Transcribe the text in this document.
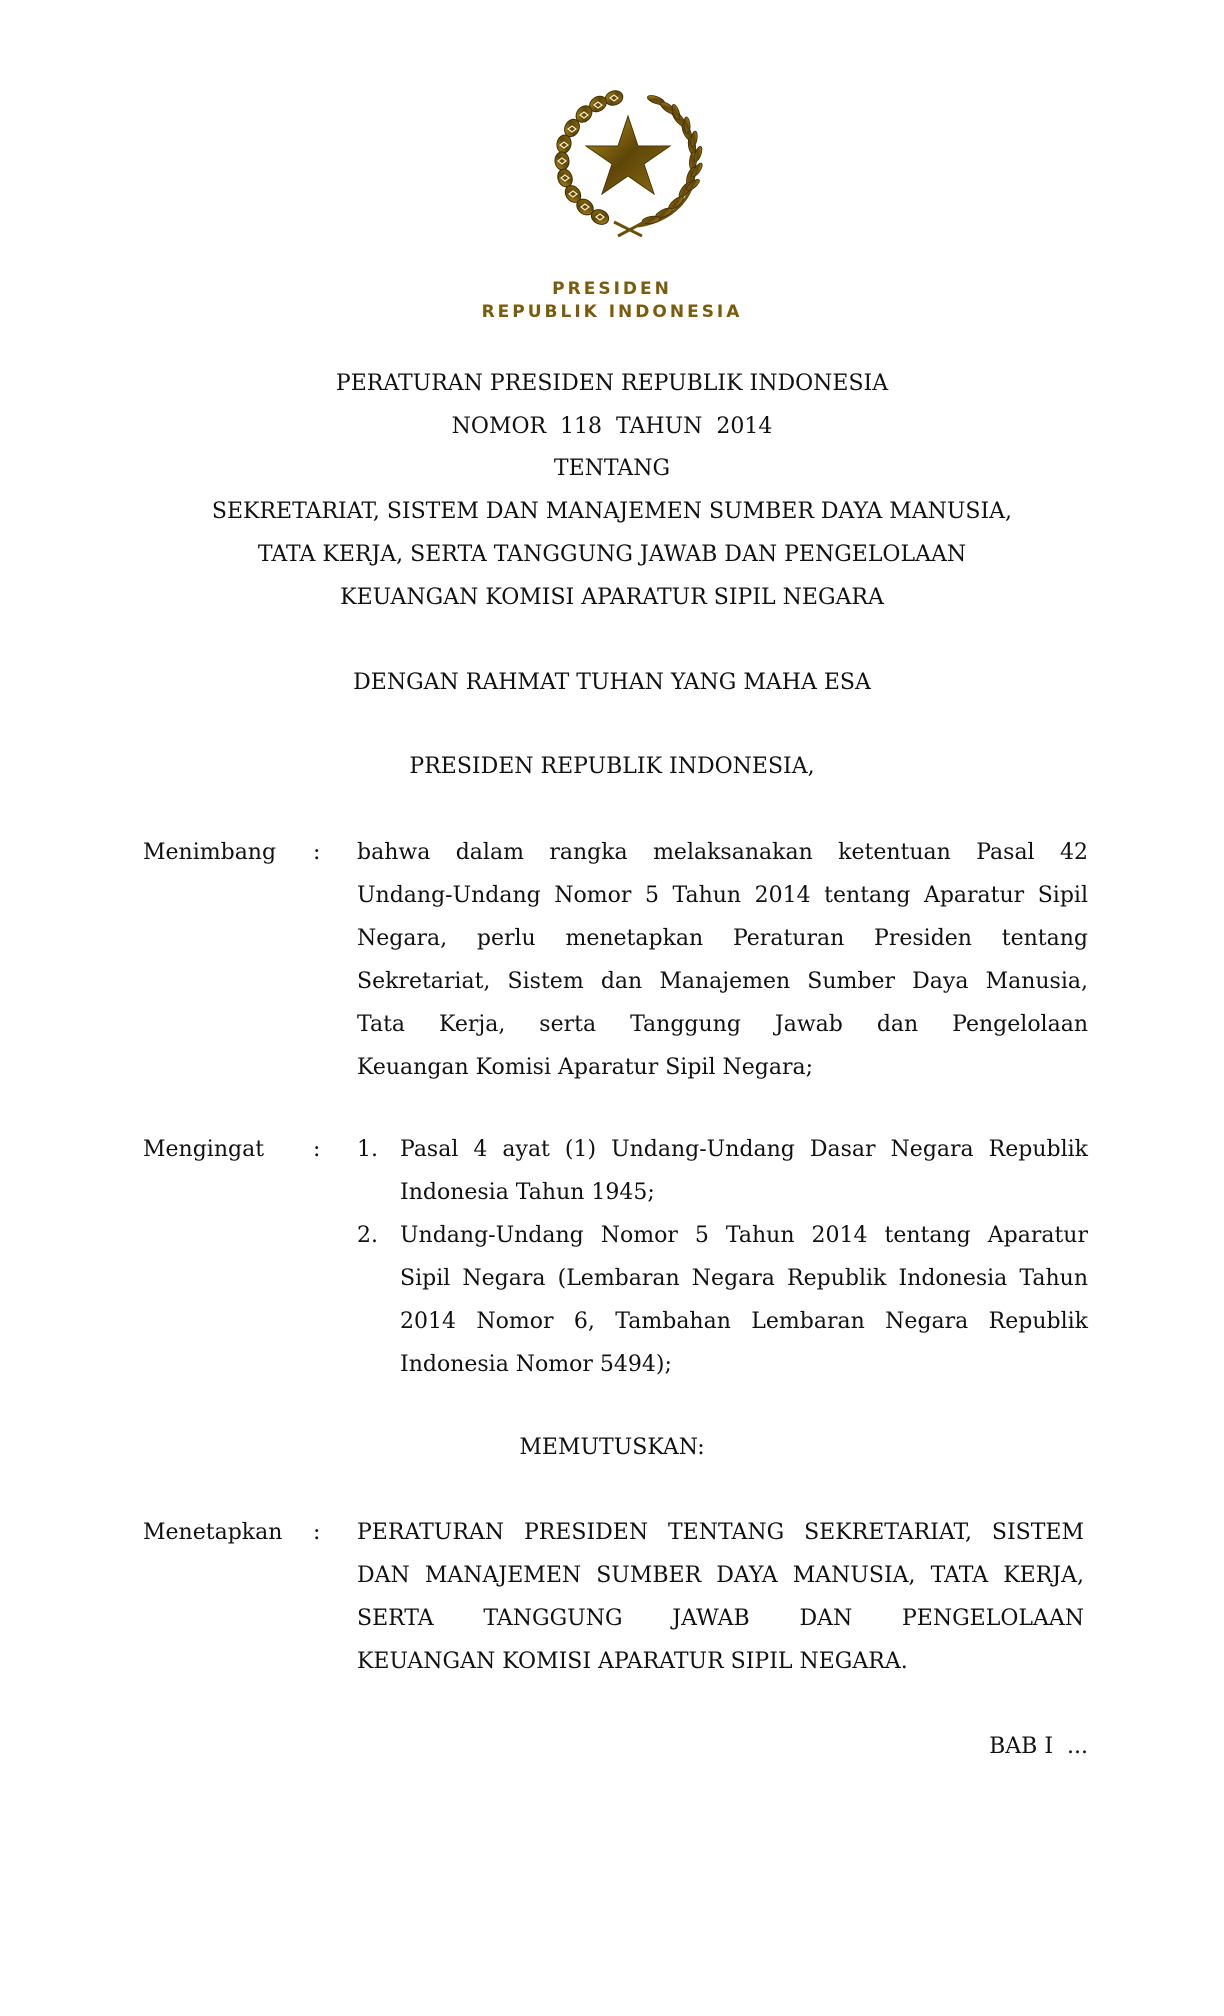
PRESIDEN
REPUBLIK INDONESIA
PERATURAN PRESIDEN REPUBLIK INDONESIA
NOMOR  118  TAHUN  2014
TENTANG
SEKRETARIAT, SISTEM DAN MANAJEMEN SUMBER DAYA MANUSIA,
TATA KERJA, SERTA TANGGUNG JAWAB DAN PENGELOLAAN
KEUANGAN KOMISI APARATUR SIPIL NEGARA
DENGAN RAHMAT TUHAN YANG MAHA ESA
PRESIDEN REPUBLIK INDONESIA,
Menimbang : bahwa dalam rangka melaksanakan ketentuan Pasal 42
Undang-Undang Nomor 5 Tahun 2014 tentang Aparatur Sipil
Negara, perlu menetapkan Peraturan Presiden tentang
Sekretariat, Sistem dan Manajemen Sumber Daya Manusia,
Tata Kerja, serta Tanggung Jawab dan Pengelolaan
Keuangan Komisi Aparatur Sipil Negara;
Mengingat : 1. Pasal 4 ayat (1) Undang-Undang Dasar Negara Republik
Indonesia Tahun 1945;
2. Undang-Undang Nomor 5 Tahun 2014 tentang Aparatur
Sipil Negara (Lembaran Negara Republik Indonesia Tahun
2014 Nomor 6, Tambahan Lembaran Negara Republik
Indonesia Nomor 5494);
MEMUTUSKAN:
Menetapkan : PERATURAN PRESIDEN TENTANG SEKRETARIAT, SISTEM
DAN MANAJEMEN SUMBER DAYA MANUSIA, TATA KERJA,
SERTA TANGGUNG JAWAB DAN PENGELOLAAN
KEUANGAN KOMISI APARATUR SIPIL NEGARA.
BAB I  ...
